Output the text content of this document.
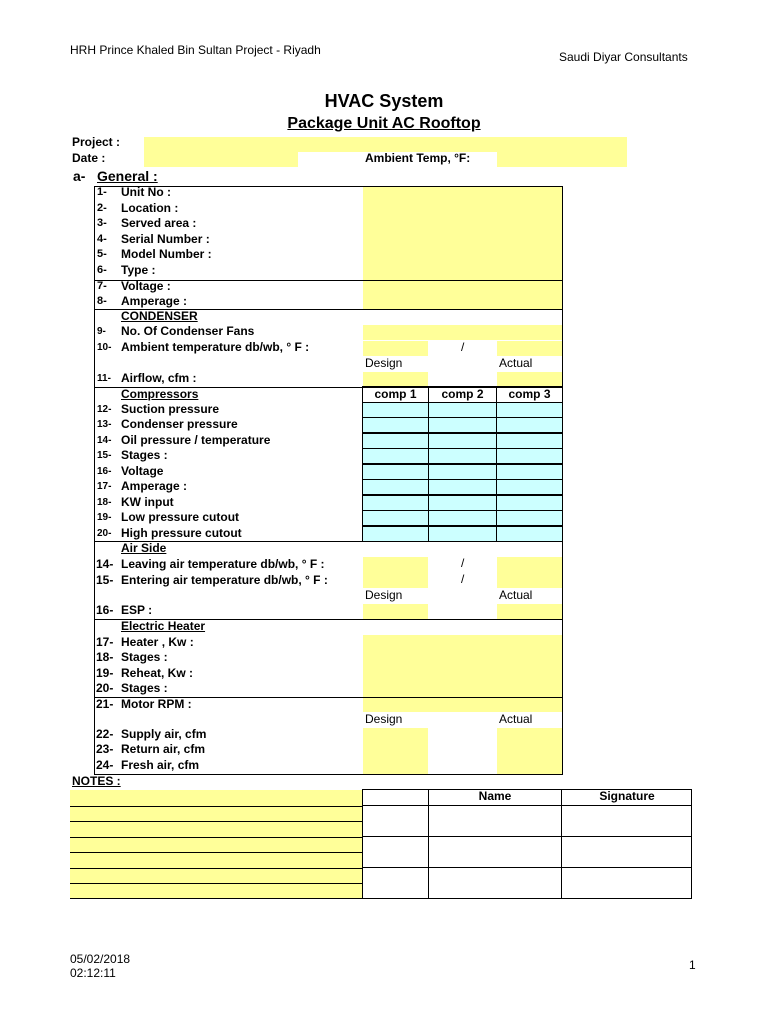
HRH Prince Khaled Bin Sultan Project - Riyadh	Saudi Diyar Consultants
HVAC System
Package Unit AC Rooftop
Project :
Date :	Ambient Temp, °F:
a- General :
1- Unit No :
2- Location :
3- Served area :
4- Serial Number :
5- Model Number :
6- Type :
7- Voltage :
8- Amperage :
CONDENSER
9- No. Of Condenser Fans
10- Ambient temperature db/wb, ° F :	/
Design	Actual
11- Airflow, cfm :
Compressors	comp 1	comp 2	comp 3
12- Suction pressure
13- Condenser pressure
14- Oil pressure / temperature
15- Stages :
16- Voltage
17- Amperage :
18- KW input
19- Low pressure cutout
20- High pressure cutout
Air Side
14- Leaving air temperature db/wb, ° F :	/
15- Entering air temperature db/wb, ° F :	/
Design	Actual
16- ESP :
Electric Heater
17- Heater , Kw :
18- Stages :
19- Reheat, Kw :
20- Stages :
21- Motor RPM :
Design	Actual
22- Supply air, cfm
23- Return air, cfm
24- Fresh air, cfm
NOTES :
Name	Signature
05/02/2018
02:12:11
1
